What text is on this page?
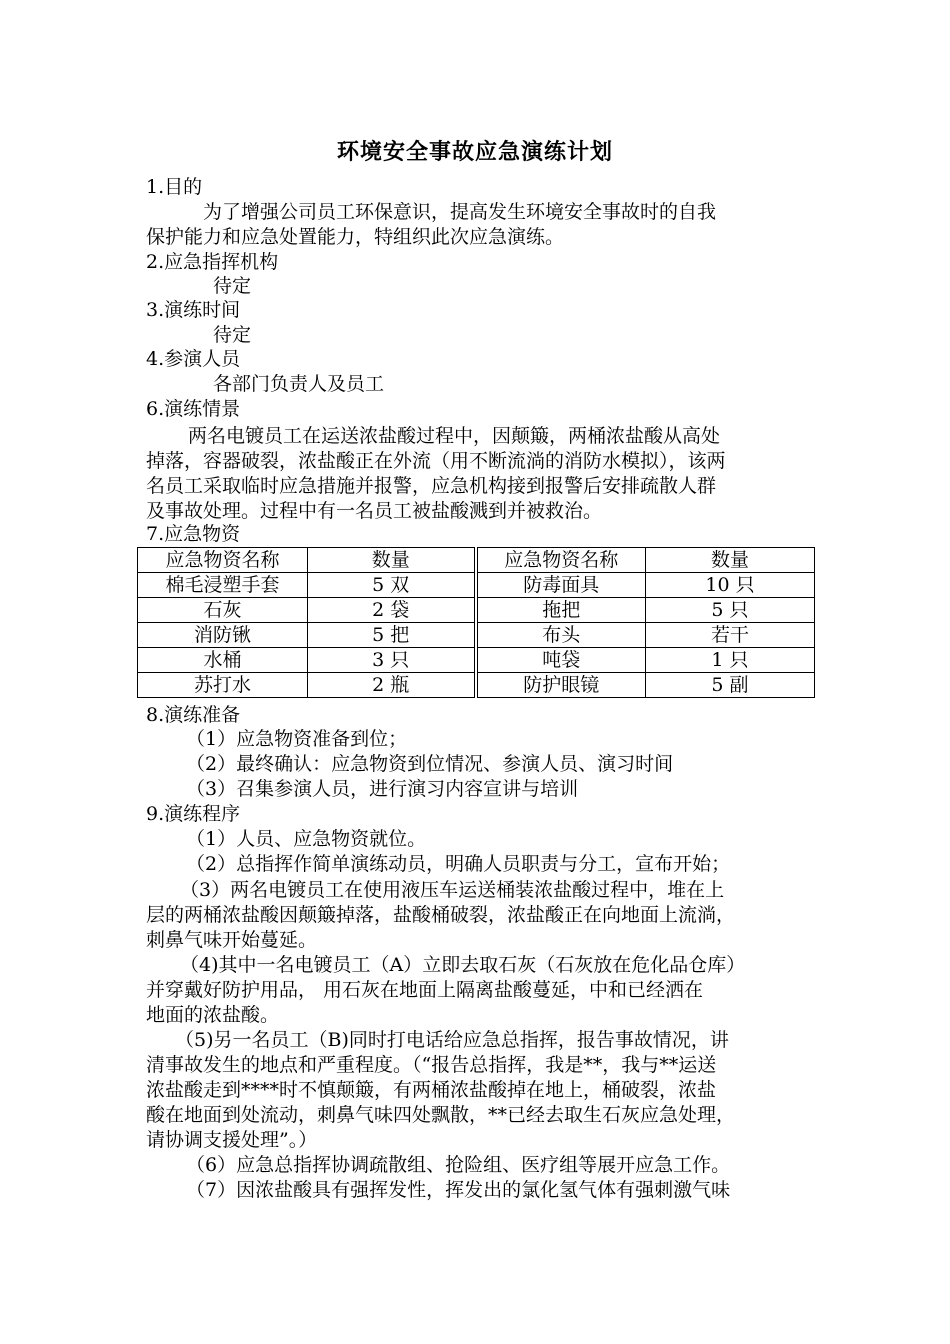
环境安全事故应急演练计划
1.目的
为了增强公司员工环保意识，提高发生环境安全事故时的自我
保护能力和应急处置能力，特组织此次应急演练。
2.应急指挥机构
待定
3.演练时间
待定
4.参演人员
各部门负责人及员工
6.演练情景
两名电镀员工在运送浓盐酸过程中，因颠簸，两桶浓盐酸从高处
掉落，容器破裂，浓盐酸正在外流（用不断流淌的消防水模拟），该两
名员工采取临时应急措施并报警，应急机构接到报警后安排疏散人群
及事故处理。过程中有一名员工被盐酸溅到并被救治。
7.应急物资
应急物资名称	数量	应急物资名称	数量
棉毛浸塑手套	5 双	防毒面具	10 只
石灰	2 袋	拖把	5 只
消防锹	5 把	布头	若干
水桶	3 只	吨袋	1 只
苏打水	2 瓶	防护眼镜	5 副
8.演练准备
（1）应急物资准备到位；
（2）最终确认：应急物资到位情况、参演人员、演习时间
（3）召集参演人员，进行演习内容宣讲与培训
9.演练程序
（1）人员、应急物资就位。
（2）总指挥作简单演练动员，明确人员职责与分工，宣布开始；
（3）两名电镀员工在使用液压车运送桶装浓盐酸过程中，堆在上
层的两桶浓盐酸因颠簸掉落，盐酸桶破裂，浓盐酸正在向地面上流淌，
刺鼻气味开始蔓延。
（4)其中一名电镀员工（A）立即去取石灰（石灰放在危化品仓库）
并穿戴好防护用品， 用石灰在地面上隔离盐酸蔓延，中和已经洒在
地面的浓盐酸。
（5)另一名员工（B)同时打电话给应急总指挥，报告事故情况，讲
清事故发生的地点和严重程度。（“报告总指挥，我是**，我与**运送
浓盐酸走到****时不慎颠簸，有两桶浓盐酸掉在地上，桶破裂，浓盐
酸在地面到处流动，刺鼻气味四处飘散，**已经去取生石灰应急处理，
请协调支援处理”。）
（6）应急总指挥协调疏散组、抢险组、医疗组等展开应急工作。
（7）因浓盐酸具有强挥发性，挥发出的氯化氢气体有强刺激气味
